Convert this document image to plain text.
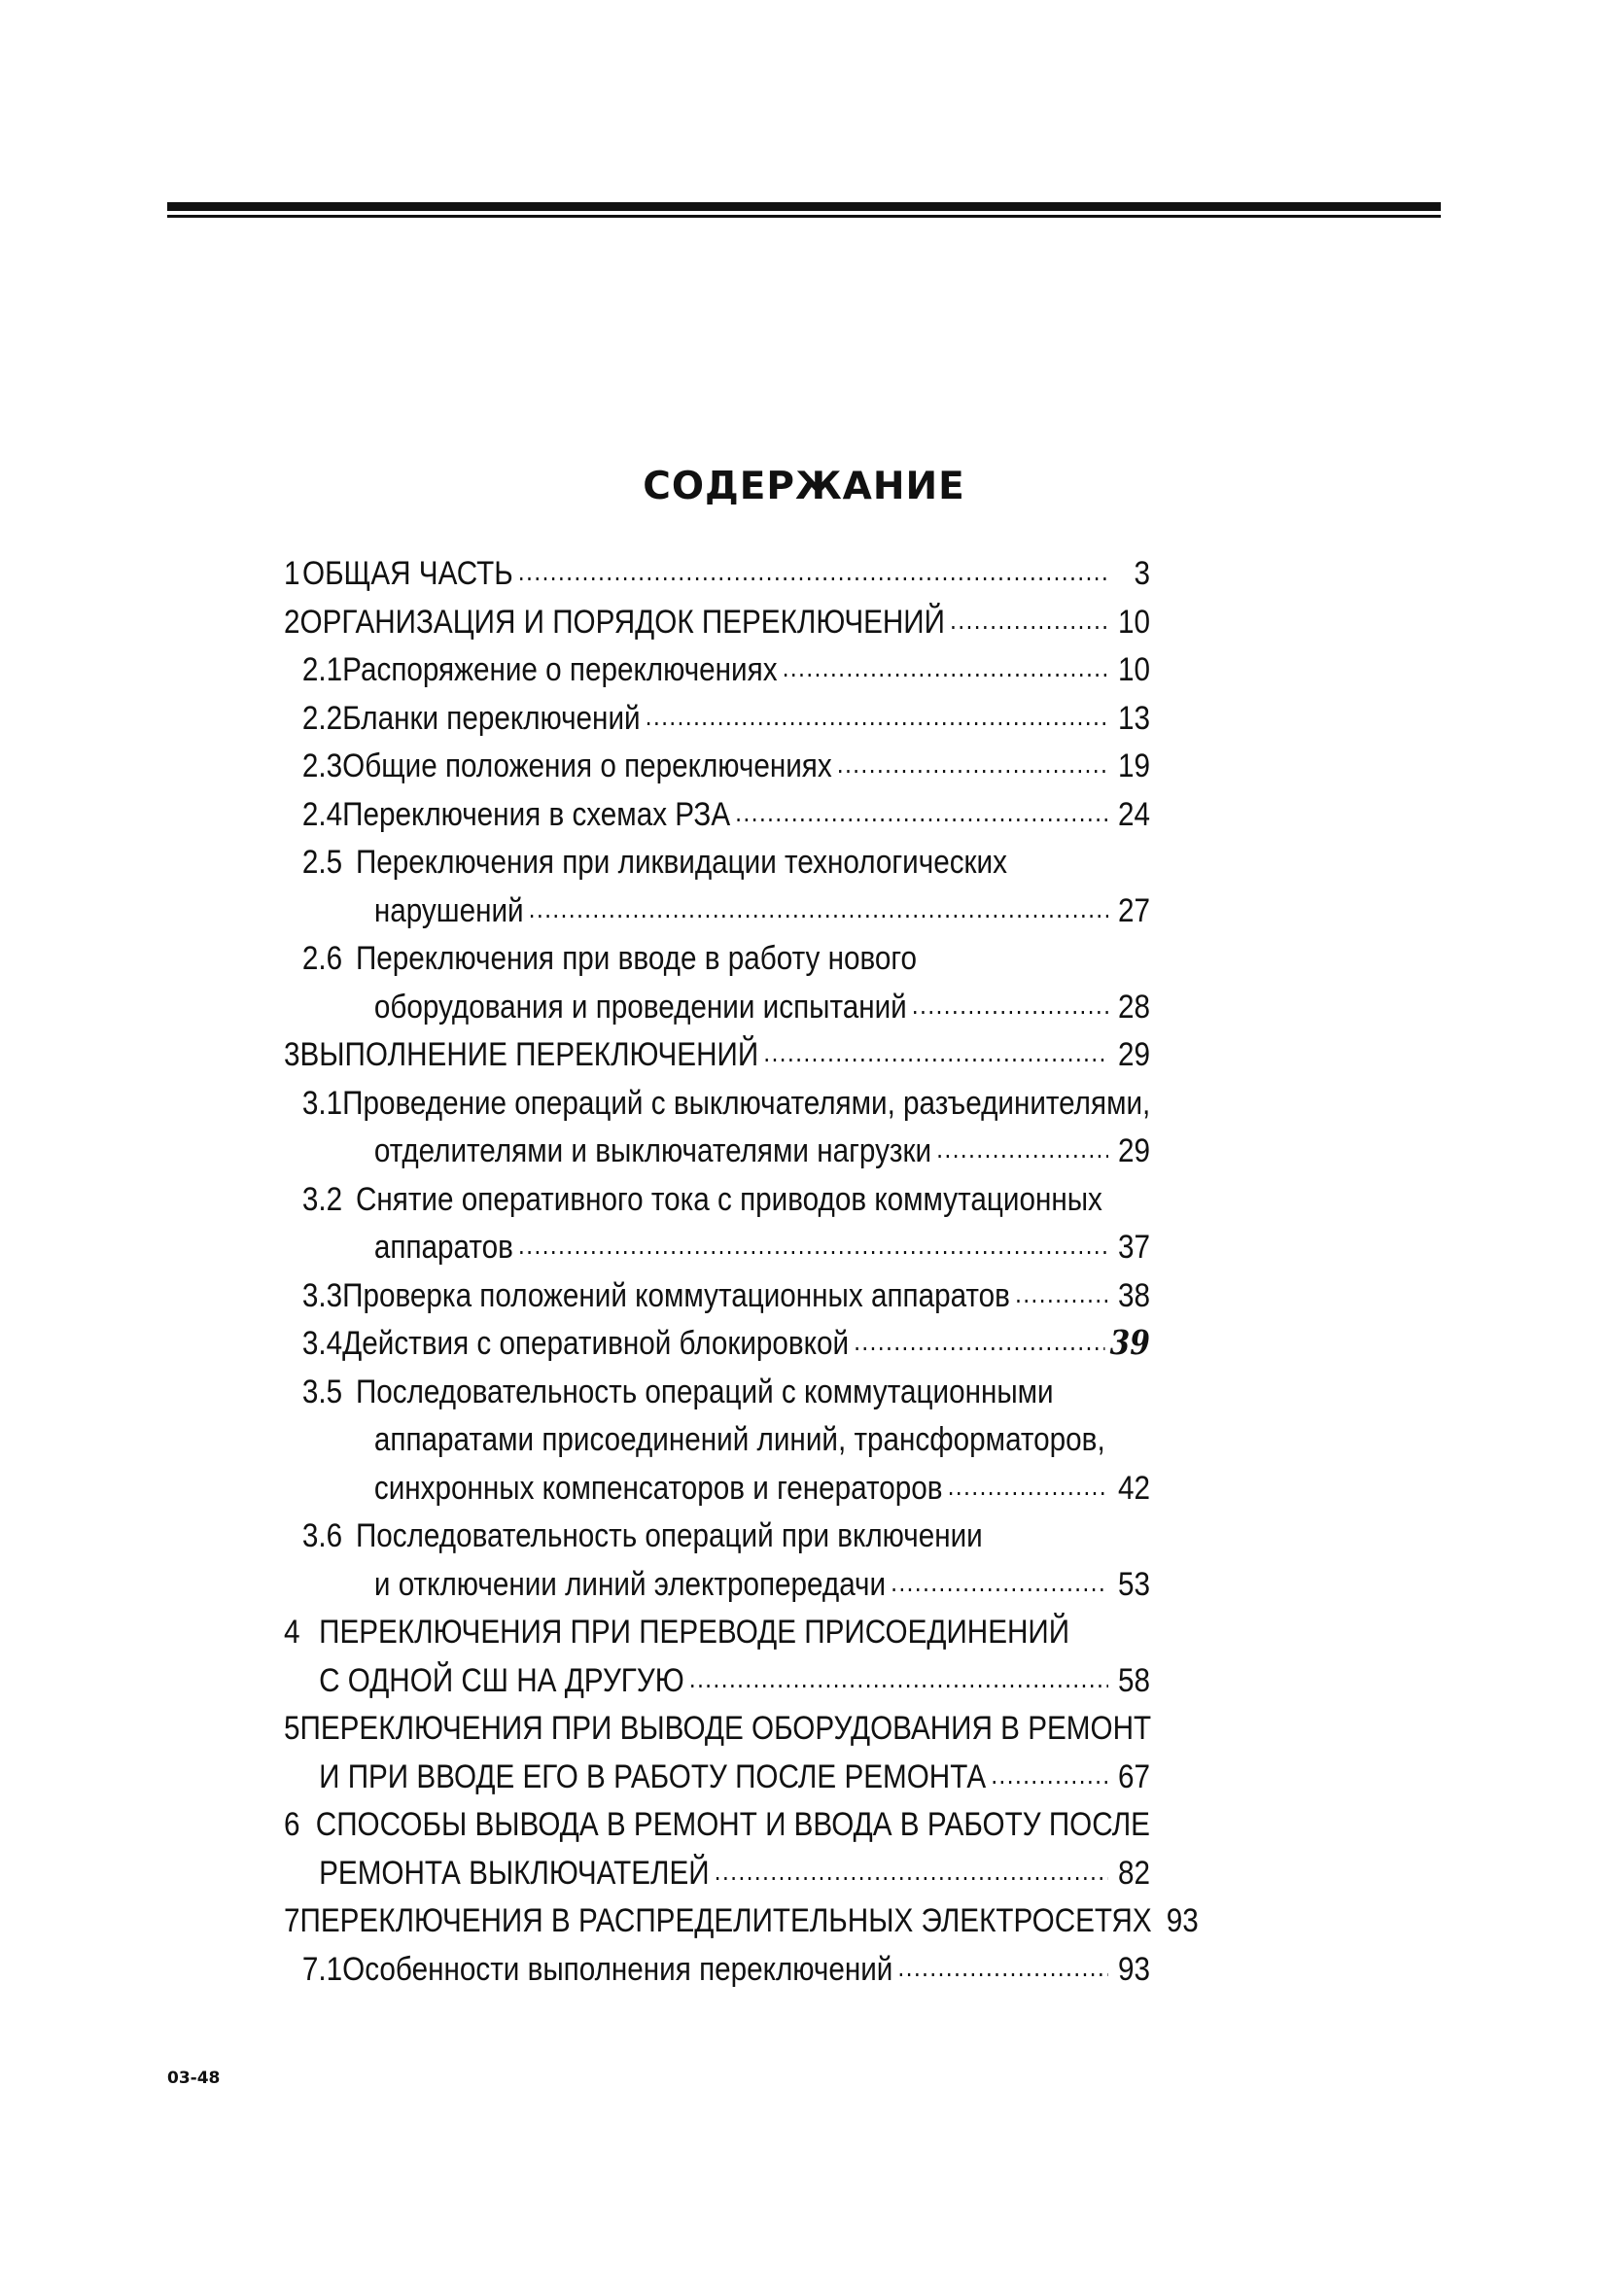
СОДЕРЖАНИЕ
1 ОБЩАЯ ЧАСТЬ . . .	3
2 ОРГАНИЗАЦИЯ И ПОРЯДОК ПЕРЕКЛЮЧЕНИЙ . . .	10
2.1 Распоряжение о переключениях . . .	10
2.2 Бланки переключений . . .	13
2.3 Общие положения о переключениях . . .	19
2.4 Переключения в схемах РЗА . . .	24
2.5 Переключения при ликвидации технологических
нарушений . . .	27
2.6 Переключения при вводе в работу нового
оборудования и проведении испытаний . . .	28
3 ВЫПОЛНЕНИЕ ПЕРЕКЛЮЧЕНИЙ . . .	29
3.1 Проведение операций с выключателями, разъединителями,
отделителями и выключателями нагрузки . . .	29
3.2 Снятие оперативного тока с приводов коммутационных
аппаратов . . .	37
3.3 Проверка положений коммутационных аппаратов . . .	38
3.4 Действия с оперативной блокировкой . . .	39
3.5 Последовательность операций с коммутационными
аппаратами присоединений линий, трансформаторов,
синхронных компенсаторов и генераторов . . .	42
3.6 Последовательность операций при включении
и отключении линий электропередачи . . .	53
4 ПЕРЕКЛЮЧЕНИЯ ПРИ ПЕРЕВОДЕ ПРИСОЕДИНЕНИЙ
С ОДНОЙ СШ НА ДРУГУЮ . . .	58
5 ПЕРЕКЛЮЧЕНИЯ ПРИ ВЫВОДЕ ОБОРУДОВАНИЯ В РЕМОНТ
И ПРИ ВВОДЕ ЕГО В РАБОТУ ПОСЛЕ РЕМОНТА . . .	67
6 СПОСОБЫ ВЫВОДА В РЕМОНТ И ВВОДА В РАБОТУ ПОСЛЕ
РЕМОНТА ВЫКЛЮЧАТЕЛЕЙ . . .	82
7 ПЕРЕКЛЮЧЕНИЯ В РАСПРЕДЕЛИТЕЛЬНЫХ ЭЛЕКТРОСЕТЯХ 93
7.1 Особенности выполнения переключений . . .	93
03-48
